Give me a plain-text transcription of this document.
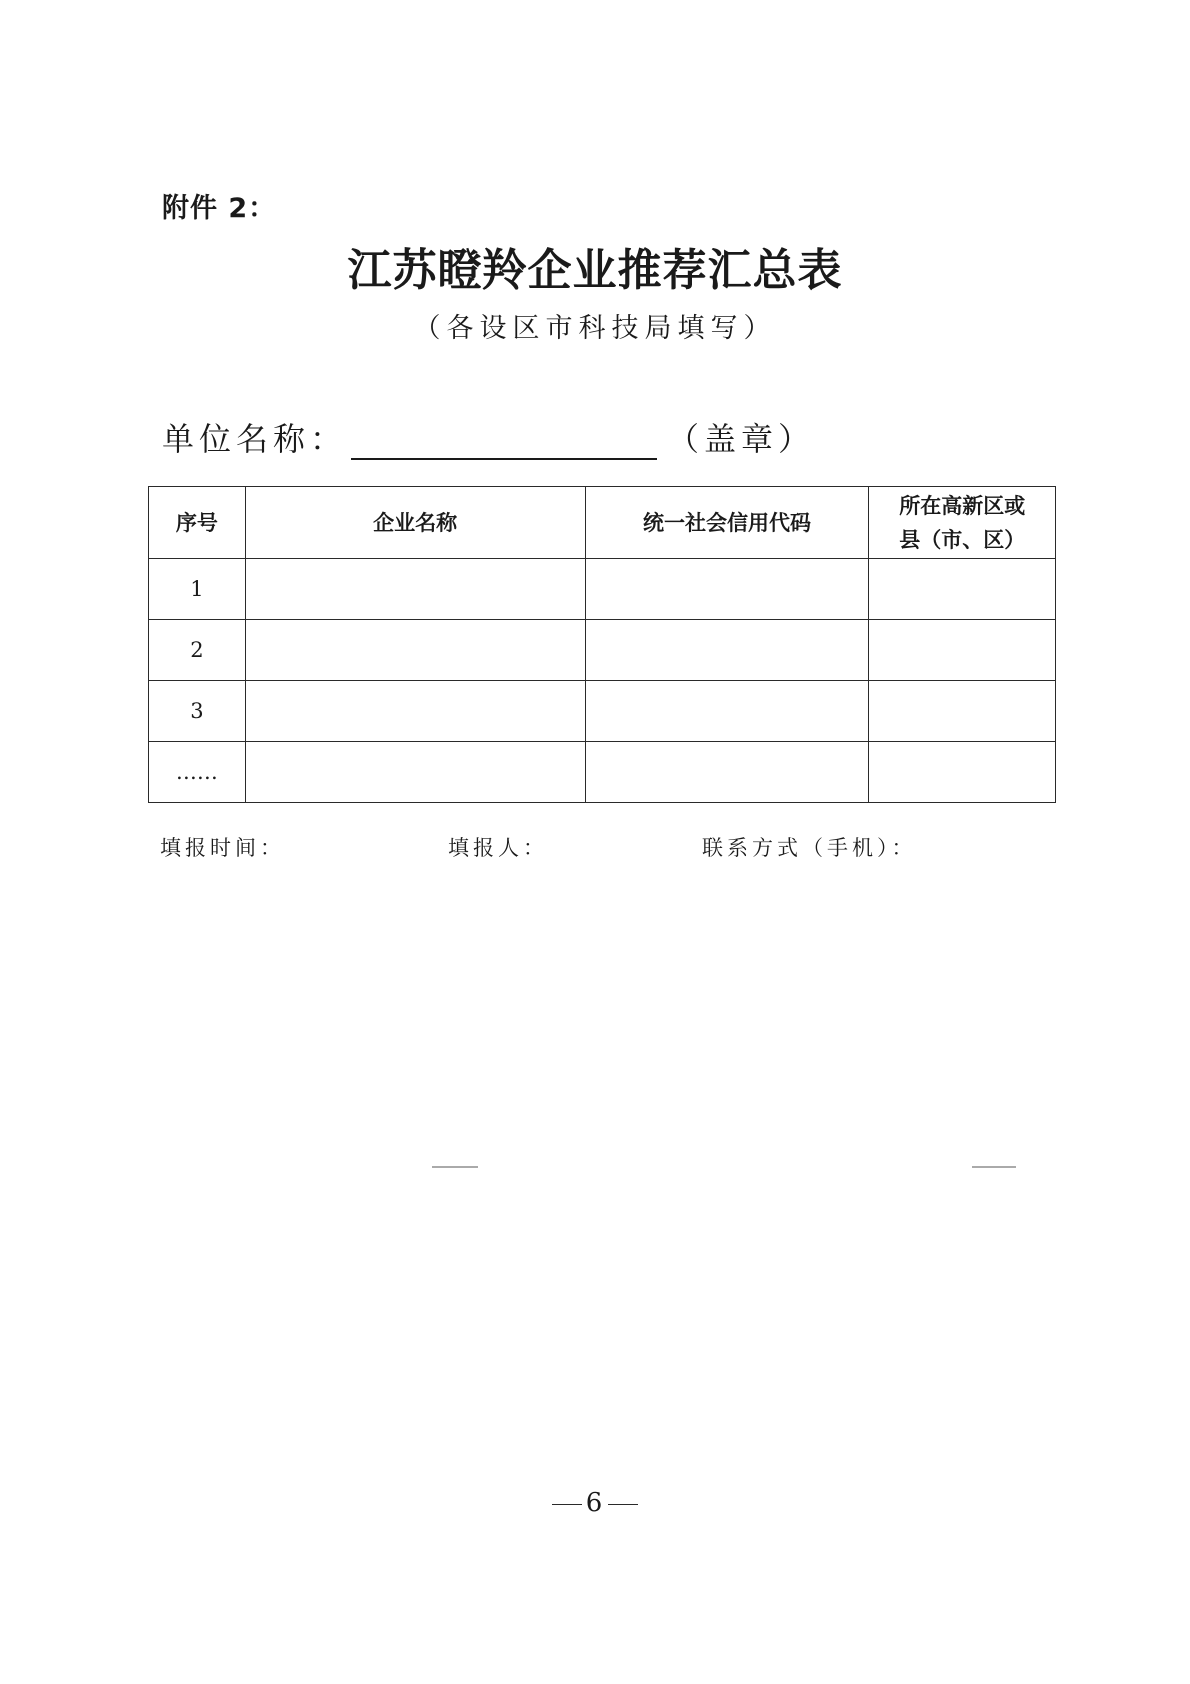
附件 2：
江苏瞪羚企业推荐汇总表
（各设区市科技局填写）
单位名称：	（盖章）
序号	企业名称	统一社会信用代码	所在高新区或
县（市、区）
1			
2			
3			
……			
填报时间：	填报人：	联系方式（手机）：
6
